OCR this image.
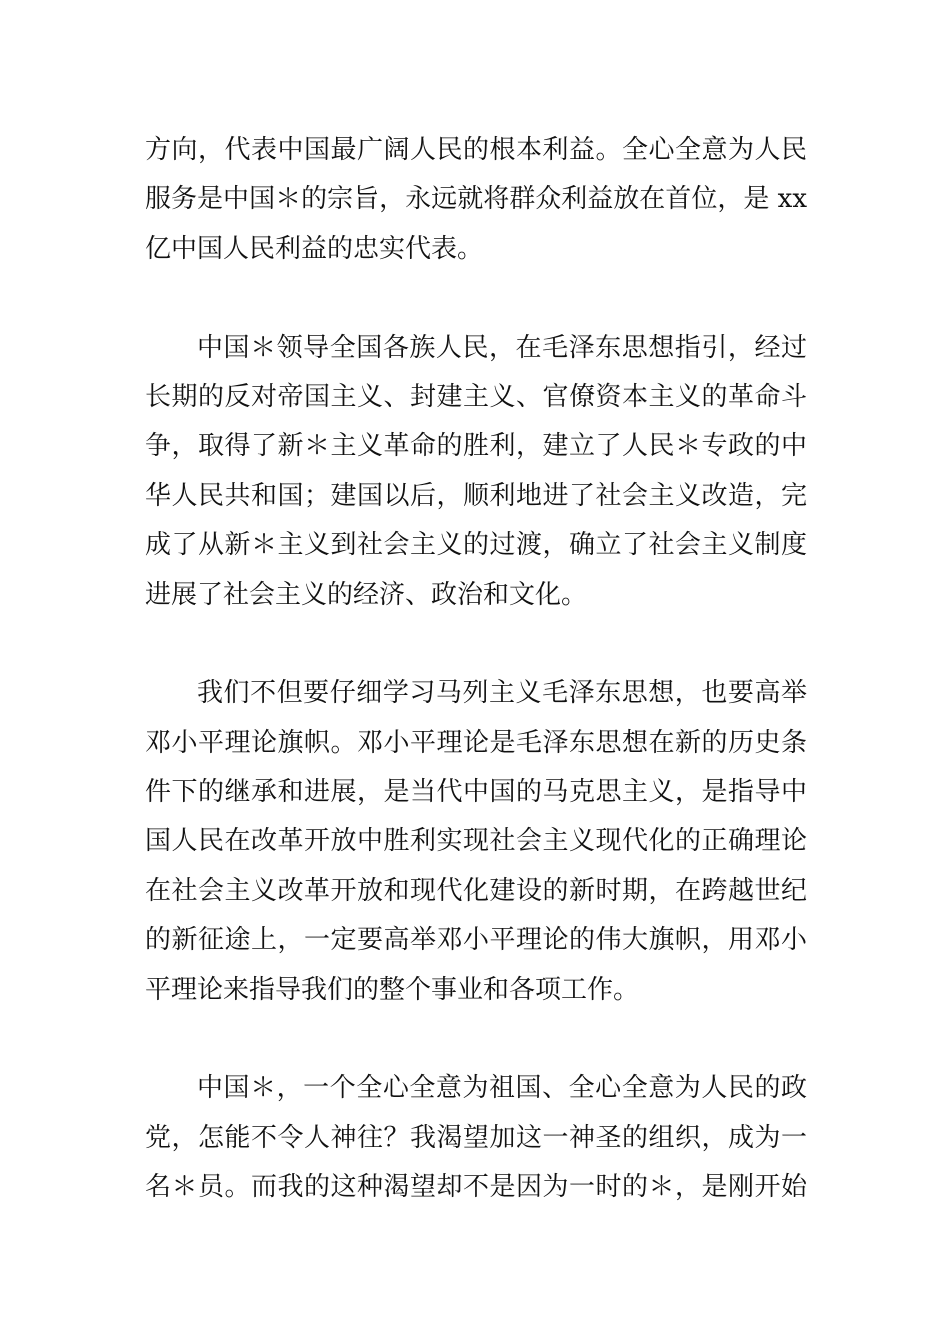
方向，代表中国最广阔人民的根本利益。全心全意为人民
服务是中国＊的宗旨，永远就将群众利益放在首位，是 xx
亿中国人民利益的忠实代表。
中国＊领导全国各族人民，在毛泽东思想指引，经过
长期的反对帝国主义、封建主义、官僚资本主义的革命斗
争，取得了新＊主义革命的胜利，建立了人民＊专政的中
华人民共和国；建国以后，顺利地进了社会主义改造，完
成了从新＊主义到社会主义的过渡，确立了社会主义制度
进展了社会主义的经济、政治和文化。
我们不但要仔细学习马列主义毛泽东思想，也要高举
邓小平理论旗帜。邓小平理论是毛泽东思想在新的历史条
件下的继承和进展，是当代中国的马克思主义，是指导中
国人民在改革开放中胜利实现社会主义现代化的正确理论
在社会主义改革开放和现代化建设的新时期，在跨越世纪
的新征途上，一定要高举邓小平理论的伟大旗帜，用邓小
平理论来指导我们的整个事业和各项工作。
中国＊，一个全心全意为祖国、全心全意为人民的政
党，怎能不令人神往？我渴望加这一神圣的组织，成为一
名＊员。而我的这种渴望却不是因为一时的＊，是刚开始
